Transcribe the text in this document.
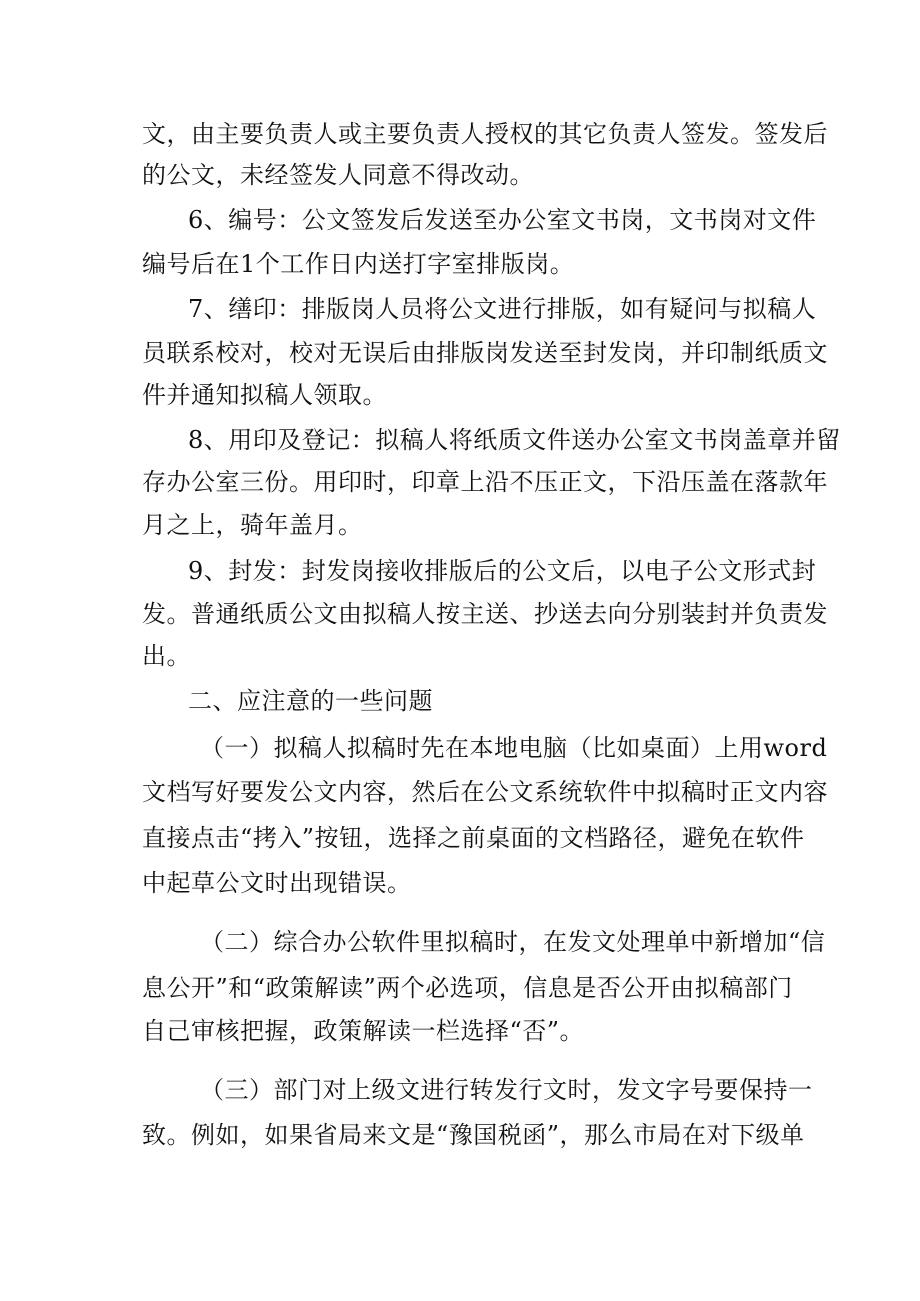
文，由主要负责人或主要负责人授权的其它负责人签发。签发后
的公文，未经签发人同意不得改动。
6、编号：公文签发后发送至办公室文书岗，文书岗对文件
编号后在1个工作日内送打字室排版岗。
7、缮印：排版岗人员将公文进行排版，如有疑问与拟稿人
员联系校对，校对无误后由排版岗发送至封发岗，并印制纸质文
件并通知拟稿人领取。
8、用印及登记：拟稿人将纸质文件送办公室文书岗盖章并留
存办公室三份。用印时，印章上沿不压正文，下沿压盖在落款年
月之上，骑年盖月。
9、封发：封发岗接收排版后的公文后，以电子公文形式封
发。普通纸质公文由拟稿人按主送、抄送去向分别装封并负责发
出。
二、应注意的一些问题
（一）拟稿人拟稿时先在本地电脑（比如桌面）上用word
文档写好要发公文内容，然后在公文系统软件中拟稿时正文内容
直接点击“拷入”按钮，选择之前桌面的文档路径，避免在软件
中起草公文时出现错误。
（二）综合办公软件里拟稿时，在发文处理单中新增加“信
息公开”和“政策解读”两个必选项，信息是否公开由拟稿部门
自己审核把握，政策解读一栏选择“否”。
（三）部门对上级文进行转发行文时，发文字号要保持一
致。例如，如果省局来文是“豫国税函”，那么市局在对下级单
